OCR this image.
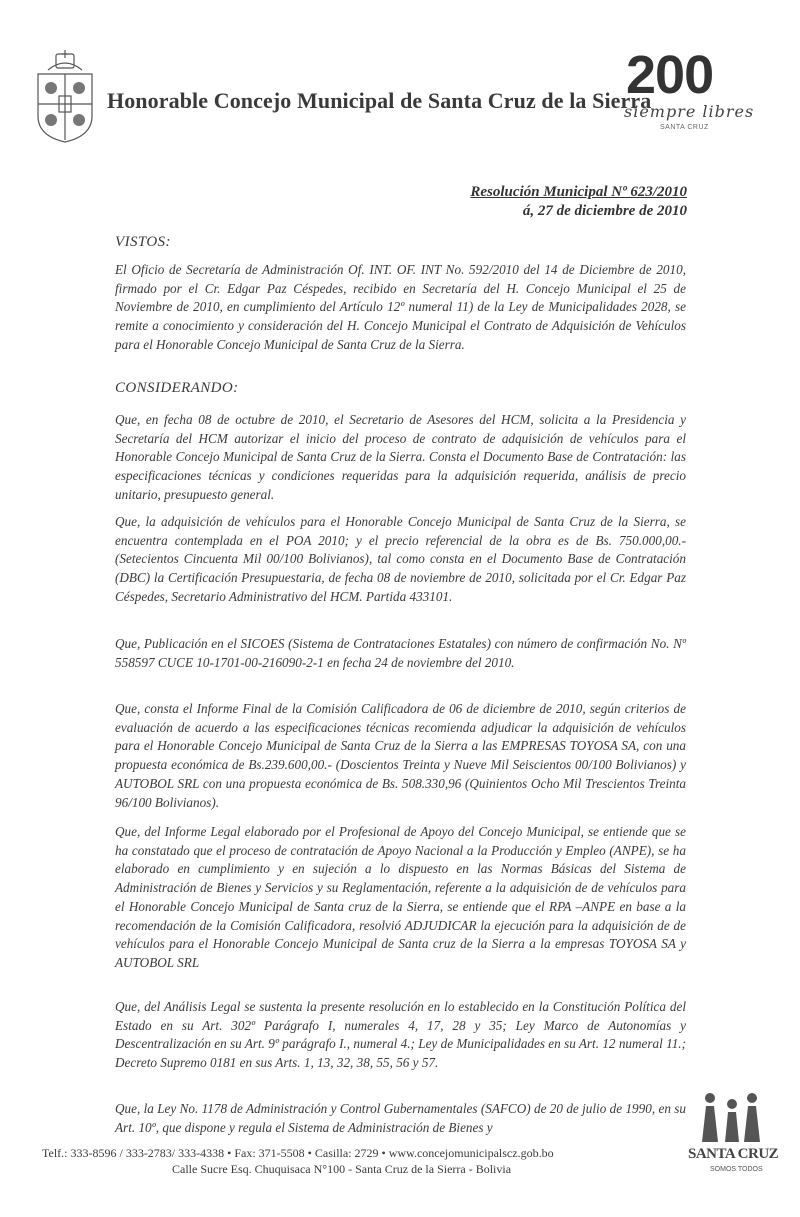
Honorable Concejo Municipal de Santa Cruz de la Sierra
200
siempre libres
SANTA CRUZ
Resolución Municipal Nº 623/2010
á, 27 de diciembre de 2010
VISTOS:
El Oficio de Secretaría de Administración Of. INT. OF. INT No. 592/2010 del 14 de Diciembre de 2010, firmado por el Cr. Edgar Paz Céspedes, recibido en Secretaría del H. Concejo Municipal el 25 de Noviembre de 2010, en cumplimiento del Artículo 12º numeral 11) de la Ley de Municipalidades 2028, se remite a conocimiento y consideración del H. Concejo Municipal el Contrato de Adquisición de Vehículos para el Honorable Concejo Municipal de Santa Cruz de la Sierra.
CONSIDERANDO:
Que, en fecha 08 de octubre de 2010, el Secretario de Asesores del HCM, solicita a la Presidencia y Secretaría del HCM autorizar el inicio del proceso de contrato de adquisición de vehículos para el Honorable Concejo Municipal de Santa Cruz de la Sierra. Consta el Documento Base de Contratación: las especificaciones técnicas y condiciones requeridas para la adquisición requerida, análisis de precio unitario, presupuesto general.
Que, la adquisición de vehículos para el Honorable Concejo Municipal de Santa Cruz de la Sierra, se encuentra contemplada en el POA 2010; y el precio referencial de la obra es de Bs. 750.000,00.- (Setecientos Cincuenta Mil 00/100 Bolivianos), tal como consta en el Documento Base de Contratación (DBC) la Certificación Presupuestaria, de fecha 08 de noviembre de 2010, solicitada por el Cr. Edgar Paz Céspedes, Secretario Administrativo del HCM. Partida 433101.
Que, Publicación en el SICOES (Sistema de Contrataciones Estatales) con número de confirmación No. Nº 558597 CUCE 10-1701-00-216090-2-1 en fecha 24 de noviembre del 2010.
Que, consta el Informe Final de la Comisión Calificadora de 06 de diciembre de 2010, según criterios de evaluación de acuerdo a las especificaciones técnicas recomienda adjudicar la adquisición de vehículos para el Honorable Concejo Municipal de Santa Cruz de la Sierra a las EMPRESAS TOYOSA SA, con una propuesta económica de Bs.239.600,00.- (Doscientos Treinta y Nueve Mil Seiscientos 00/100 Bolivianos) y AUTOBOL SRL con una propuesta económica de Bs. 508.330,96 (Quinientos Ocho Mil Trescientos Treinta 96/100 Bolivianos).
Que, del Informe Legal elaborado por el Profesional de Apoyo del Concejo Municipal, se entiende que se ha constatado que el proceso de contratación de Apoyo Nacional a la Producción y Empleo (ANPE), se ha elaborado en cumplimiento y en sujeción a lo dispuesto en las Normas Básicas del Sistema de Administración de Bienes y Servicios y su Reglamentación, referente a la adquisición de de vehículos para el Honorable Concejo Municipal de Santa cruz de la Sierra, se entiende que el RPA –ANPE en base a la recomendación de la Comisión Calificadora, resolvió ADJUDICAR la ejecución para la adquisición de de vehículos para el Honorable Concejo Municipal de Santa cruz de la Sierra a la empresas TOYOSA SA y AUTOBOL SRL
Que, del Análisis Legal se sustenta la presente resolución en lo establecido en la Constitución Política del Estado en su Art. 302º Parágrafo I, numerales 4, 17, 28 y 35; Ley Marco de Autonomías y Descentralización en su Art. 9º parágrafo I., numeral 4.; Ley de Municipalidades en su Art. 12 numeral 11.; Decreto Supremo 0181 en sus Arts. 1, 13, 32, 38, 55, 56 y 57.
Que, la Ley No. 1178 de Administración y Control Gubernamentales (SAFCO) de 20 de julio de 1990, en su Art. 10º, que dispone y regula el Sistema de Administración de Bienes y
Telf.: 333-8596 / 333-2783/ 333-4338 • Fax: 371-5508 • Casilla: 2729 • www.concejomunicipalscz.gob.bo
Calle Sucre Esq. Chuquisaca N°100 - Santa Cruz de la Sierra - Bolivia
SANTA CRUZ
SOMOS TODOS
